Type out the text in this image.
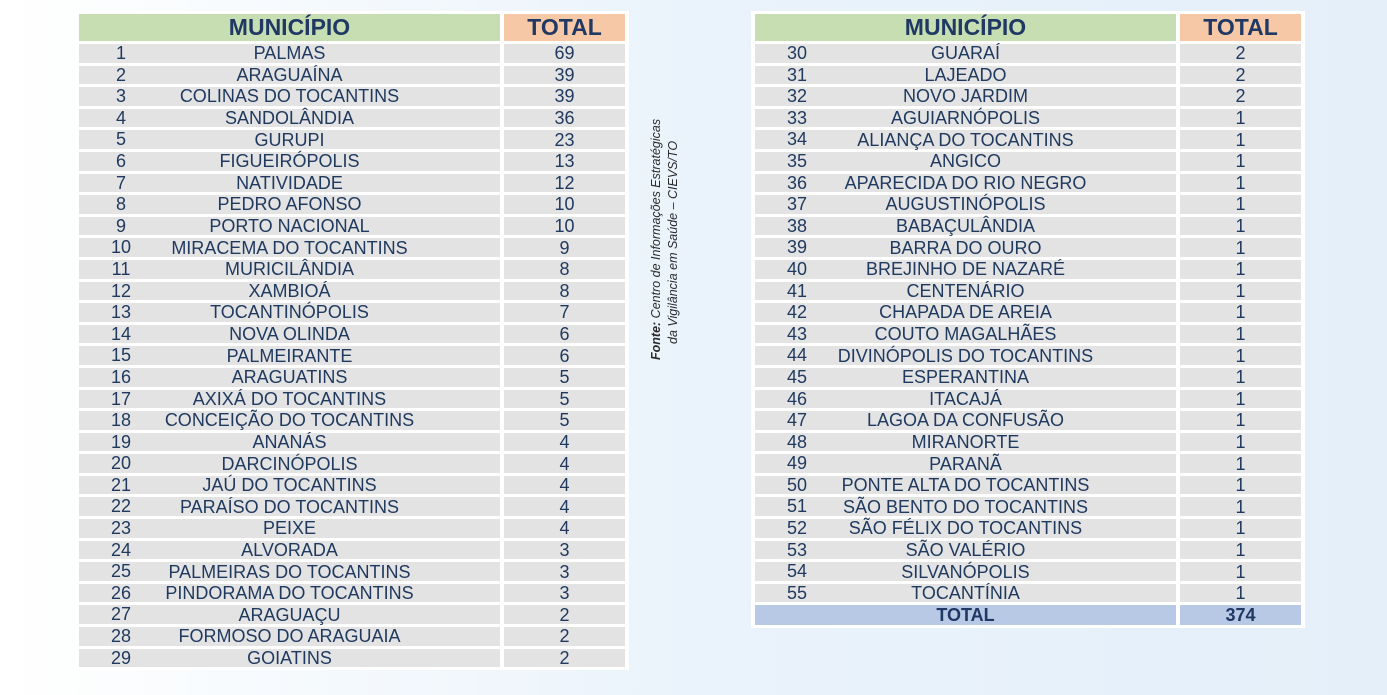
MUNICÍPIO	TOTAL

1 PALMAS	69

2 ARAGUAÍNA	39

3 COLINAS DO TOCANTINS	39

4 SANDOLÂNDIA	36

5 GURUPI	23

6 FIGUEIRÓPOLIS	13

7 NATIVIDADE	12

8 PEDRO AFONSO	10

9 PORTO NACIONAL	10

10 MIRACEMA DO TOCANTINS	9

11 MURICILÂNDIA	8

12 XAMBIOÁ	8

13 TOCANTINÓPOLIS	7

14 NOVA OLINDA	6

15 PALMEIRANTE	6

16 ARAGUATINS	5

17 AXIXÁ DO TOCANTINS	5

18 CONCEIÇÃO DO TOCANTINS	5

19 ANANÁS	4

20 DARCINÓPOLIS	4

21 JAÚ DO TOCANTINS	4

22 PARAÍSO DO TOCANTINS	4

23 PEIXE	4

24 ALVORADA	3

25 PALMEIRAS DO TOCANTINS	3

26 PINDORAMA DO TOCANTINS	3

27 ARAGUAÇU	2

28 FORMOSO DO ARAGUAIA	2

29 GOIATINS	2
MUNICÍPIO	TOTAL

30 GUARAÍ	2

31 LAJEADO	2

32 NOVO JARDIM	2

33 AGUIARNÓPOLIS	1

34 ALIANÇA DO TOCANTINS	1

35 ANGICO	1

36 APARECIDA DO RIO NEGRO	1

37 AUGUSTINÓPOLIS	1

38 BABAÇULÂNDIA	1

39 BARRA DO OURO	1

40 BREJINHO DE NAZARÉ	1

41 CENTENÁRIO	1

42 CHAPADA DE AREIA	1

43 COUTO MAGALHÃES	1

44 DIVINÓPOLIS DO TOCANTINS	1

45 ESPERANTINA	1

46 ITACAJÁ	1

47 LAGOA DA CONFUSÃO	1

48 MIRANORTE	1

49 PARANÃ	1

50 PONTE ALTA DO TOCANTINS	1

51 SÃO BENTO DO TOCANTINS	1

52 SÃO FÉLIX DO TOCANTINS	1

53 SÃO VALÉRIO	1

54 SILVANÓPOLIS	1

55 TOCANTÍNIA	1
TOTAL	374
Fonte: Centro de Informações Estratégicas da Vigilância em Saúde – CIEVS/TO
